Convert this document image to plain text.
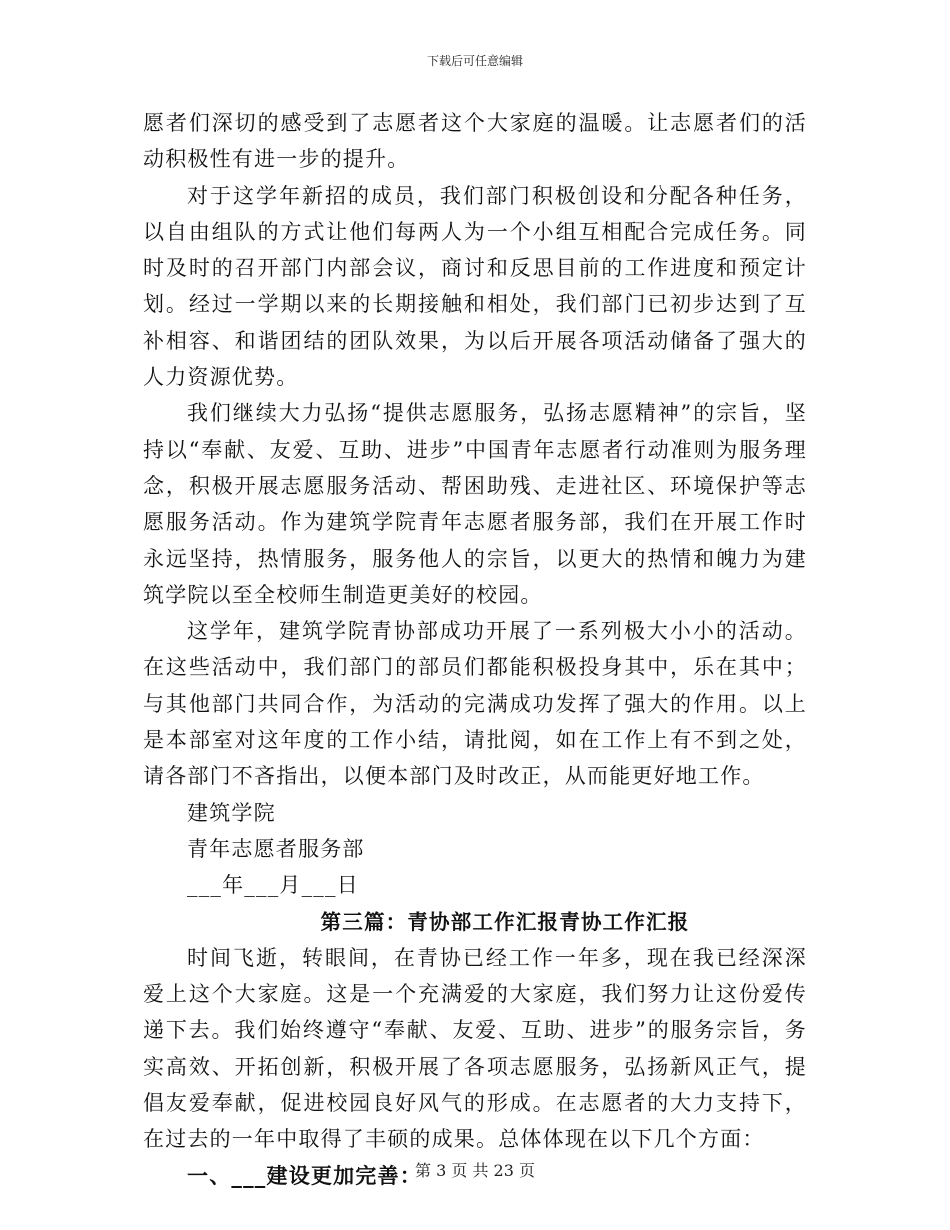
下载后可任意编辑

愿者们深切的感受到了志愿者这个大家庭的温暖。让志愿者们的活动积极性有进一步的提升。

对于这学年新招的成员，我们部门积极创设和分配各种任务，以自由组队的方式让他们每两人为一个小组互相配合完成任务。同时及时的召开部门内部会议，商讨和反思目前的工作进度和预定计划。经过一学期以来的长期接触和相处，我们部门已初步达到了互补相容、和谐团结的团队效果，为以后开展各项活动储备了强大的人力资源优势。

我们继续大力弘扬“提供志愿服务，弘扬志愿精神”的宗旨，坚持以“奉献、友爱、互助、进步”中国青年志愿者行动准则为服务理念，积极开展志愿服务活动、帮困助残、走进社区、环境保护等志愿服务活动。作为建筑学院青年志愿者服务部，我们在开展工作时永远坚持，热情服务，服务他人的宗旨，以更大的热情和魄力为建筑学院以至全校师生制造更美好的校园。

这学年，建筑学院青协部成功开展了一系列极大小小的活动。在这些活动中，我们部门的部员们都能积极投身其中，乐在其中；与其他部门共同合作，为活动的完满成功发挥了强大的作用。以上是本部室对这年度的工作小结，请批阅，如在工作上有不到之处，请各部门不吝指出，以便本部门及时改正，从而能更好地工作。

建筑学院

青年志愿者服务部

___年___月___日

第三篇：青协部工作汇报青协工作汇报

时间飞逝，转眼间，在青协已经工作一年多，现在我已经深深爱上这个大家庭。这是一个充满爱的大家庭，我们努力让这份爱传递下去。我们始终遵守“奉献、友爱、互助、进步”的服务宗旨，务实高效、开拓创新，积极开展了各项志愿服务，弘扬新风正气，提倡友爱奉献，促进校园良好风气的形成。在志愿者的大力支持下，在过去的一年中取得了丰硕的成果。总体体现在以下几个方面：

一、___建设更加完善：

第 3 页 共 23 页
